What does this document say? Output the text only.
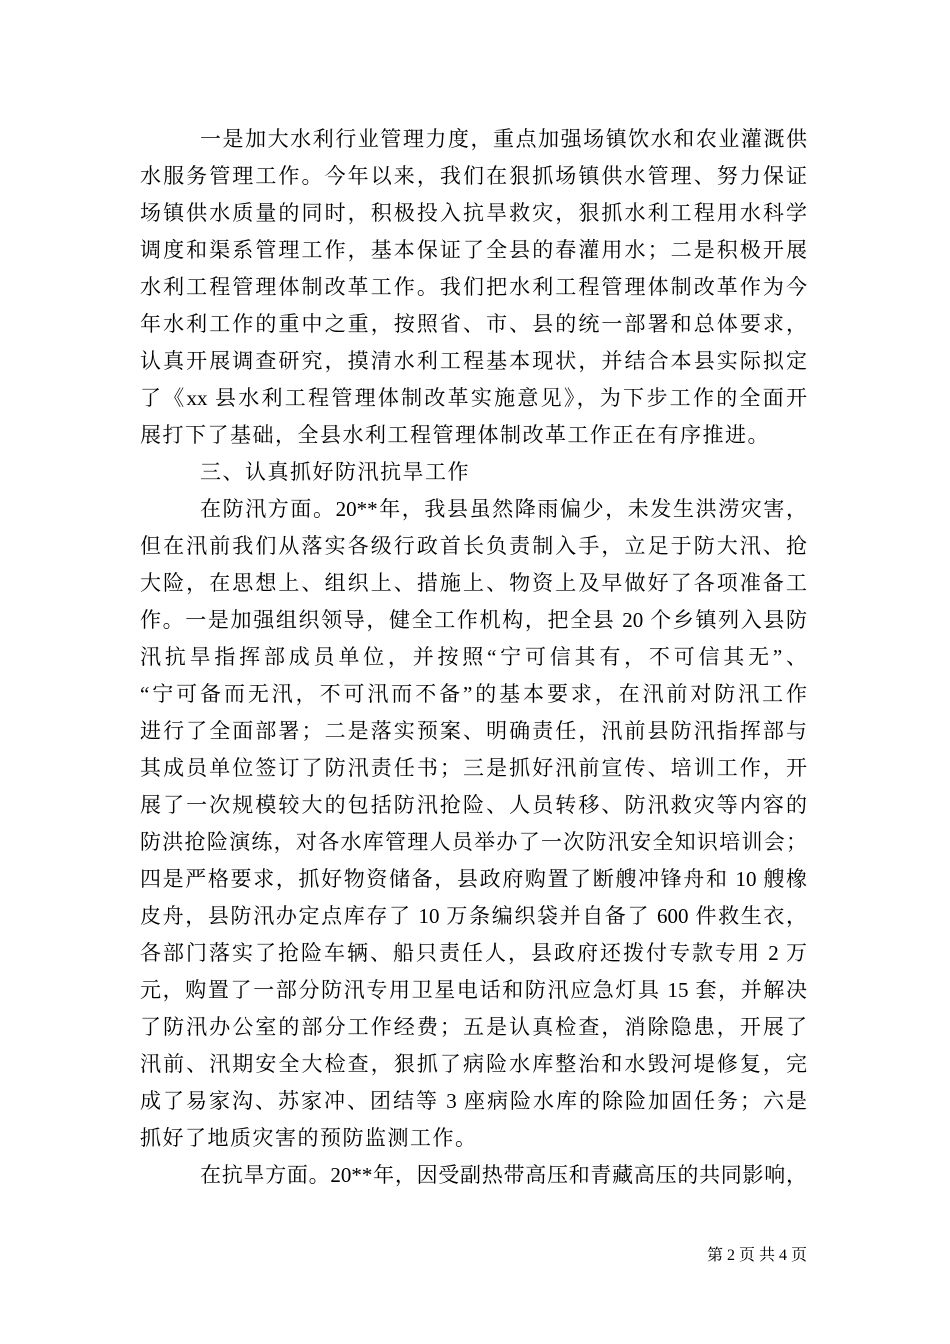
一是加大水利行业管理力度，重点加强场镇饮水和农业灌溉供
水服务管理工作。今年以来，我们在狠抓场镇供水管理、努力保证
场镇供水质量的同时，积极投入抗旱救灾，狠抓水利工程用水科学
调度和渠系管理工作，基本保证了全县的春灌用水；二是积极开展
水利工程管理体制改革工作。我们把水利工程管理体制改革作为今
年水利工作的重中之重，按照省、市、县的统一部署和总体要求，
认真开展调查研究，摸清水利工程基本现状，并结合本县实际拟定
了《xx 县水利工程管理体制改革实施意见》，为下步工作的全面开
展打下了基础，全县水利工程管理体制改革工作正在有序推进。
三、认真抓好防汛抗旱工作
在防汛方面。20**年，我县虽然降雨偏少，未发生洪涝灾害，
但在汛前我们从落实各级行政首长负责制入手，立足于防大汛、抢
大险，在思想上、组织上、措施上、物资上及早做好了各项准备工
作。一是加强组织领导，健全工作机构，把全县 20 个乡镇列入县防
汛抗旱指挥部成员单位，并按照“宁可信其有，不可信其无”、
“宁可备而无汛，不可汛而不备”的基本要求，在汛前对防汛工作
进行了全面部署；二是落实预案、明确责任，汛前县防汛指挥部与
其成员单位签订了防汛责任书；三是抓好汛前宣传、培训工作，开
展了一次规模较大的包括防汛抢险、人员转移、防汛救灾等内容的
防洪抢险演练，对各水库管理人员举办了一次防汛安全知识培训会；
四是严格要求，抓好物资储备，县政府购置了断艘冲锋舟和 10 艘橡
皮舟，县防汛办定点库存了 10 万条编织袋并自备了 600 件救生衣，
各部门落实了抢险车辆、船只责任人，县政府还拨付专款专用 2 万
元，购置了一部分防汛专用卫星电话和防汛应急灯具 15 套，并解决
了防汛办公室的部分工作经费；五是认真检查，消除隐患，开展了
汛前、汛期安全大检查，狠抓了病险水库整治和水毁河堤修复，完
成了易家沟、苏家冲、团结等 3 座病险水库的除险加固任务；六是
抓好了地质灾害的预防监测工作。
在抗旱方面。20**年，因受副热带高压和青藏高压的共同影响，
第 2 页 共 4 页
